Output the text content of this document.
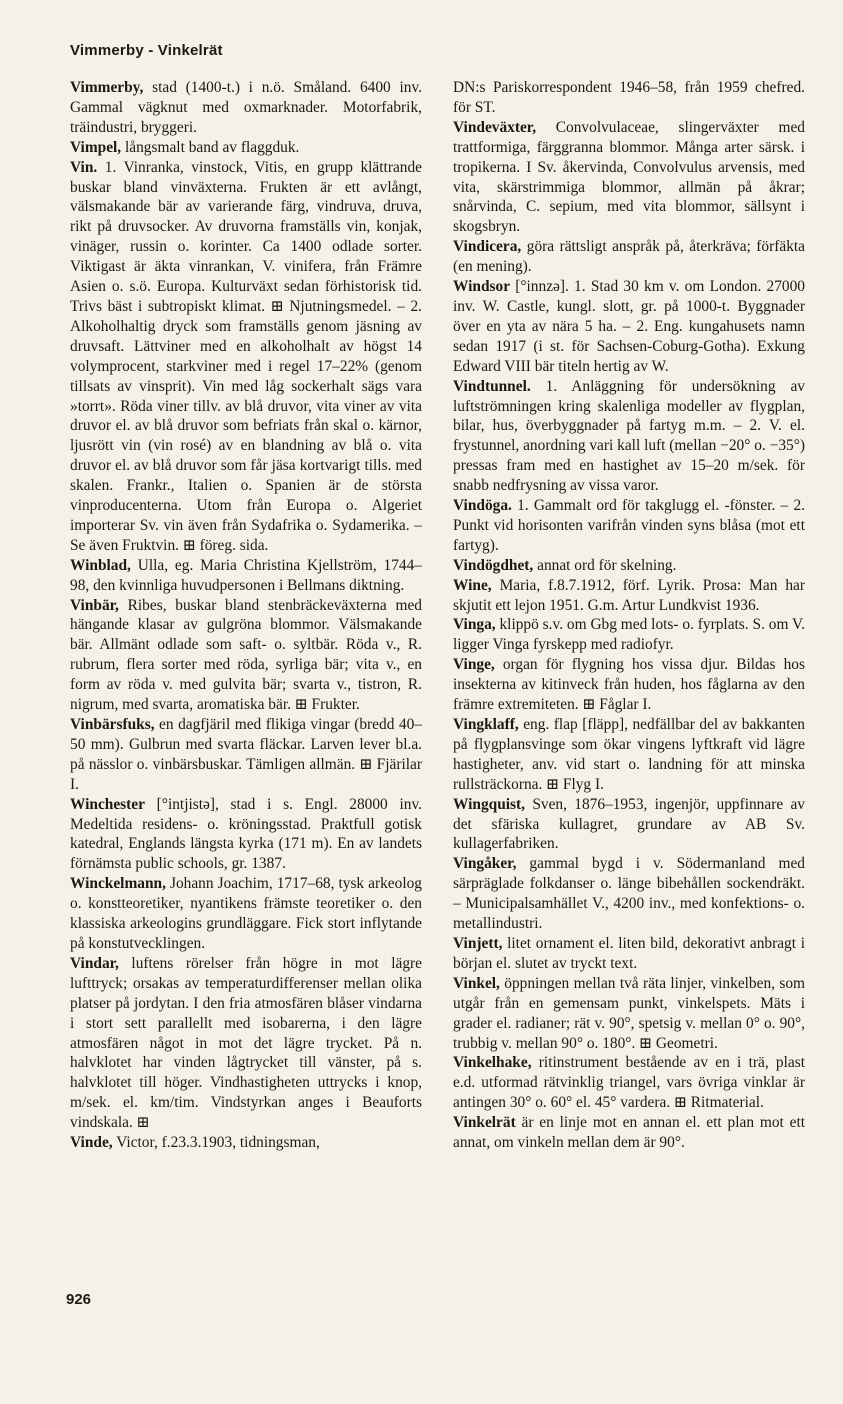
Vimmerby - Vinkelrät

Vimmerby, stad (1400-t.) i n.ö. Småland. 6400 inv. Gammal vägknut med oxmarknader. Motorfabrik, träindustri, bryggeri.

Vimpel, långsmalt band av flaggduk.

Vin. 1. Vinranka, vinstock, Vitis, en grupp klättrande buskar bland vinväxterna. Frukten är ett avlångt, välsmakande bär av varierande färg, vindruva, druva, rikt på druvsocker. Av druvorna framställs vin, konjak, vinäger, russin o. korinter. Ca 1400 odlade sorter. Viktigast är äkta vinrankan, V. vinifera, från Främre Asien o. s.ö. Europa. Kulturväxt sedan förhistorisk tid. Trivs bäst i subtropiskt klimat. ⊞ Njutningsmedel. – 2. Alkoholhaltig dryck som framställs genom jäsning av druvsaft. Lättviner med en alkoholhalt av högst 14 volymprocent, starkviner med i regel 17–22% (genom tillsats av vinsprit). Vin med låg sockerhalt sägs vara »torrt». Röda viner tillv. av blå druvor, vita viner av vita druvor el. av blå druvor som befriats från skal o. kärnor, ljusrött vin (vin rosé) av en blandning av blå o. vita druvor el. av blå druvor som får jäsa kortvarigt tills. med skalen. Frankr., Italien o. Spanien är de största vinproducenterna. Utom från Europa o. Algeriet importerar Sv. vin även från Sydafrika o. Sydamerika. – Se även Fruktvin. ⊞ föreg. sida.

Winblad, Ulla, eg. Maria Christina Kjellström, 1744–98, den kvinnliga huvudpersonen i Bellmans diktning.

Vinbär, Ribes, buskar bland stenbräckeväxterna med hängande klasar av gulgröna blommor. Välsmakande bär. Allmänt odlade som saft- o. syltbär. Röda v., R. rubrum, flera sorter med röda, syrliga bär; vita v., en form av röda v. med gulvita bär; svarta v., tistron, R. nigrum, med svarta, aromatiska bär. ⊞ Frukter.

Vinbärsfuks, en dagfjäril med flikiga vingar (bredd 40–50 mm). Gulbrun med svarta fläckar. Larven lever bl.a. på nässlor o. vinbärsbuskar. Tämligen allmän. ⊞ Fjärilar I.

Winchester [°intjistə], stad i s. Engl. 28000 inv. Medeltida residens- o. kröningsstad. Praktfull gotisk katedral, Englands längsta kyrka (171 m). En av landets förnämsta public schools, gr. 1387.

Winckelmann, Johann Joachim, 1717–68, tysk arkeolog o. konstteoretiker, nyantikens främste teoretiker o. den klassiska arkeologins grundläggare. Fick stort inflytande på konstutvecklingen.

Vindar, luftens rörelser från högre in mot lägre lufttryck; orsakas av temperaturdifferenser mellan olika platser på jordytan. I den fria atmosfären blåser vindarna i stort sett parallellt med isobarerna, i den lägre atmosfären något in mot det lägre trycket. På n. halvklotet har vinden lågtrycket till vänster, på s. halvklotet till höger. Vindhastigheten uttrycks i knop, m/sek. el. km/tim. Vindstyrkan anges i Beauforts vindskala. ⊞

Vinde, Victor, f.23.3.1903, tidningsman,

DN:s Pariskorrespondent 1946–58, från 1959 chefred. för ST.

Vindeväxter, Convolvulaceae, slingerväxter med trattformiga, färggranna blommor. Många arter särsk. i tropikerna. I Sv. åkervinda, Convolvulus arvensis, med vita, skärstrimmiga blommor, allmän på åkrar; snårvinda, C. sepium, med vita blommor, sällsynt i skogsbryn.

Vindicera, göra rättsligt anspråk på, återkräva; förfäkta (en mening).

Windsor [°innzə]. 1. Stad 30 km v. om London. 27000 inv. W. Castle, kungl. slott, gr. på 1000-t. Byggnader över en yta av nära 5 ha. – 2. Eng. kungahusets namn sedan 1917 (i st. för Sachsen-Coburg-Gotha). Exkung Edward VIII bär titeln hertig av W.

Vindtunnel. 1. Anläggning för undersökning av luftströmningen kring skalenliga modeller av flygplan, bilar, hus, överbyggnader på fartyg m.m. – 2. V. el. frystunnel, anordning vari kall luft (mellan −20° o. −35°) pressas fram med en hastighet av 15–20 m/sek. för snabb nedfrysning av vissa varor.

Vindöga. 1. Gammalt ord för takglugg el. -fönster. – 2. Punkt vid horisonten varifrån vinden syns blåsa (mot ett fartyg).

Vindögdhet, annat ord för skelning.

Wine, Maria, f.8.7.1912, förf. Lyrik. Prosa: Man har skjutit ett lejon 1951. G.m. Artur Lundkvist 1936.

Vinga, klippö s.v. om Gbg med lots- o. fyrplats. S. om V. ligger Vinga fyrskepp med radiofyr.

Vinge, organ för flygning hos vissa djur. Bildas hos insekterna av kitinveck från huden, hos fåglarna av den främre extremiteten. ⊞ Fåglar I.

Vingklaff, eng. flap [fläpp], nedfällbar del av bakkanten på flygplansvinge som ökar vingens lyftkraft vid lägre hastigheter, anv. vid start o. landning för att minska rullsträckorna. ⊞ Flyg I.

Wingquist, Sven, 1876–1953, ingenjör, uppfinnare av det sfäriska kullagret, grundare av AB Sv. kullagerfabriken.

Vingåker, gammal bygd i v. Södermanland med särpräglade folkdanser o. länge bibehållen sockendräkt. – Municipalsamhället V., 4200 inv., med konfektions- o. metallindustri.

Vinjett, litet ornament el. liten bild, dekorativt anbragt i början el. slutet av tryckt text.

Vinkel, öppningen mellan två räta linjer, vinkelben, som utgår från en gemensam punkt, vinkelspets. Mäts i grader el. radianer; rät v. 90°, spetsig v. mellan 0° o. 90°, trubbig v. mellan 90° o. 180°. ⊞ Geometri.

Vinkelhake, ritinstrument bestående av en i trä, plast e.d. utformad rätvinklig triangel, vars övriga vinklar är antingen 30° o. 60° el. 45° vardera. ⊞ Ritmaterial.

Vinkelrät är en linje mot en annan el. ett plan mot ett annat, om vinkeln mellan dem är 90°.

926
